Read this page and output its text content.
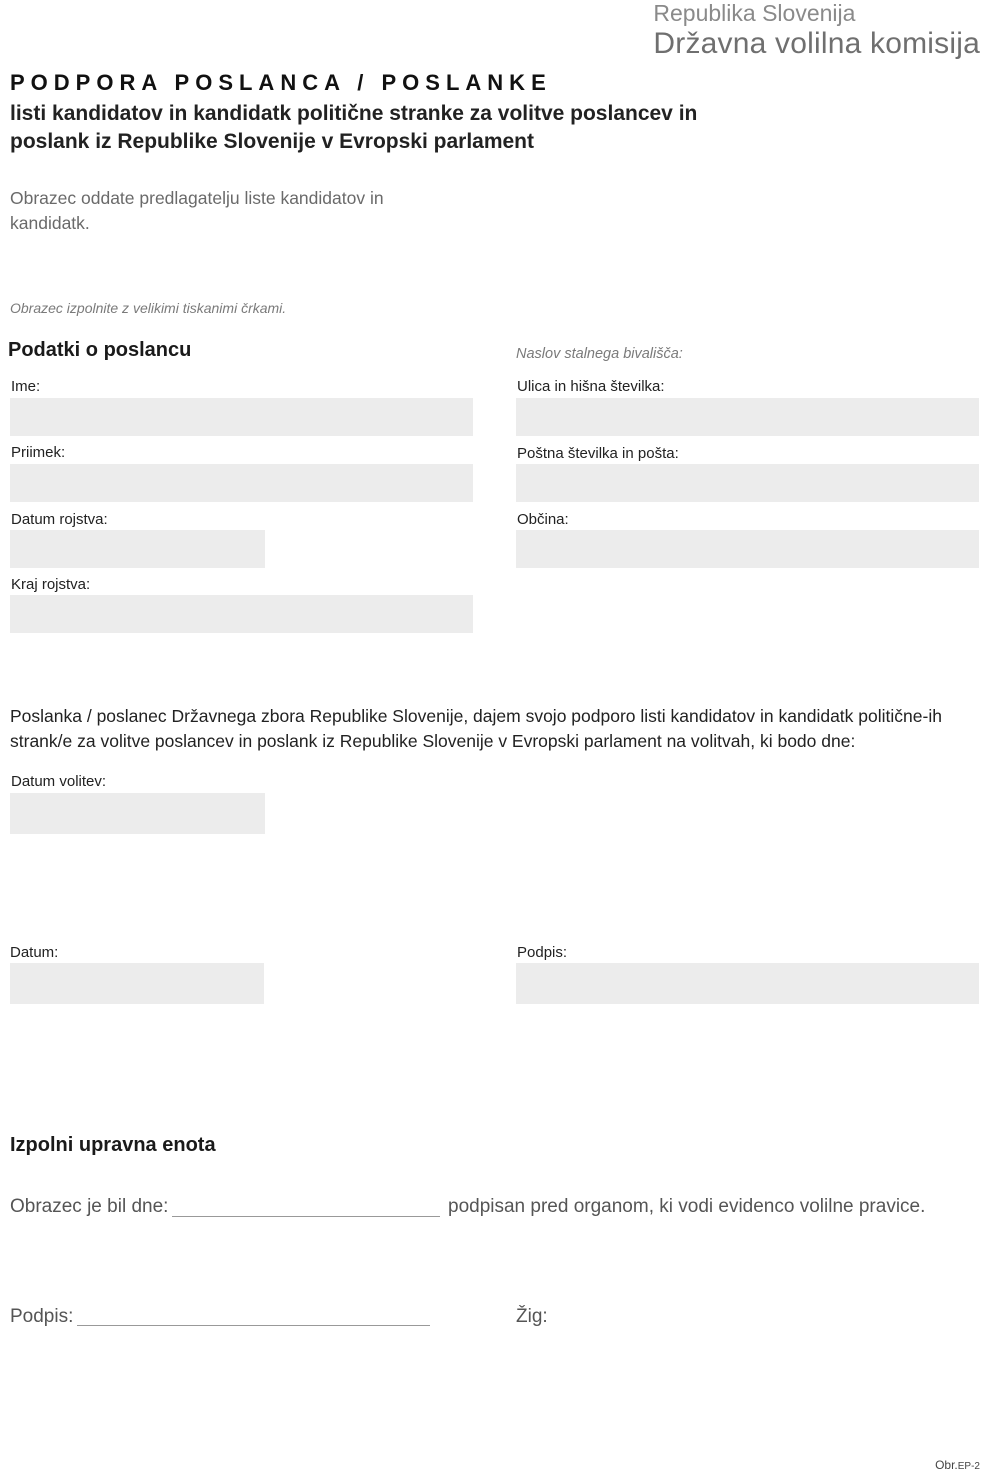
Republika Slovenija
Državna volilna komisija
PODPORA POSLANCA / POSLANKE
listi kandidatov in kandidatk politične stranke za volitve poslancev in poslank iz Republike Slovenije v Evropski parlament
Obrazec oddate predlagatelju liste kandidatov in kandidatk.
Obrazec izpolnite z velikimi tiskanimi črkami.
Podatki o poslancu
Ime:
Priimek:
Datum rojstva:
Kraj rojstva:
Naslov stalnega bivališča:
Ulica in hišna številka:
Poštna številka in pošta:
Občina:
Poslanka / poslanec Državnega zbora Republike Slovenije, dajem svojo podporo listi kandidatov in kandidatk politične-ih strank/e za volitve poslancev in poslank iz Republike Slovenije v Evropski parlament na volitvah, ki bodo dne:
Datum volitev:
Datum:	Podpis:
Izpolni upravna enota
Obrazec je bil dne:	podpisan pred organom, ki vodi evidenco volilne pravice.
Podpis:	Žig:
Obr.EP-2
